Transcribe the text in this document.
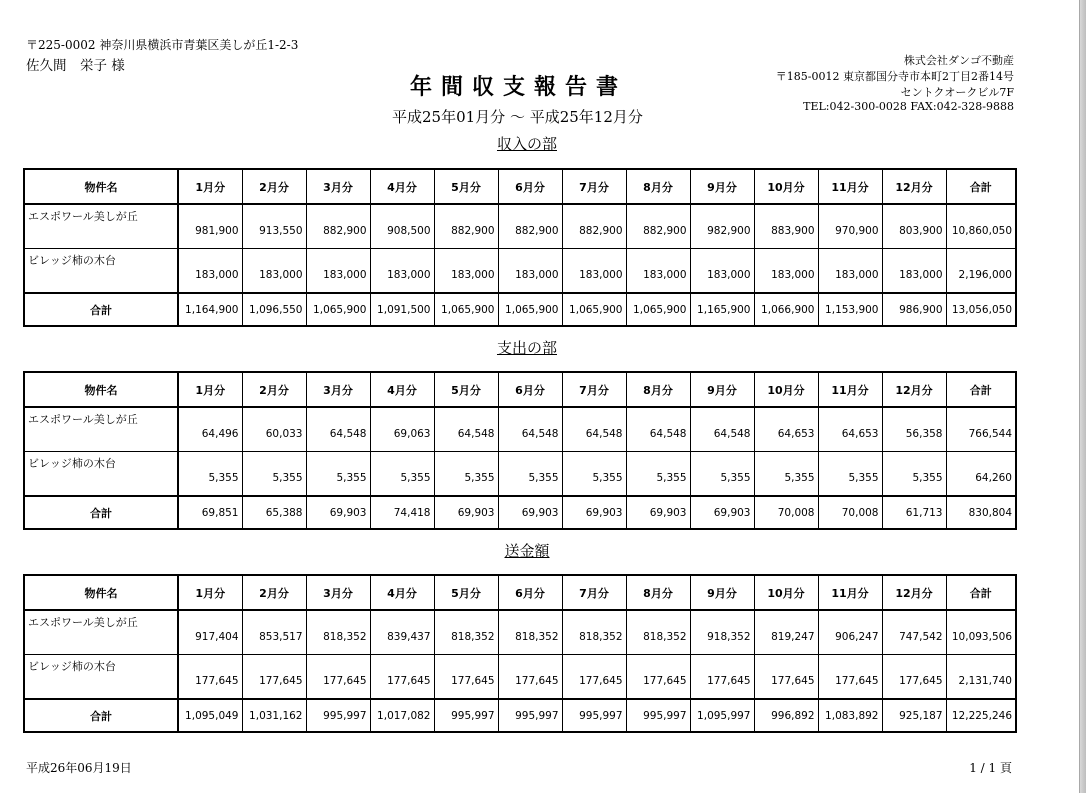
〒225-0002 神奈川県横浜市青葉区美しが丘1-2-3
佐久間　栄子 様	株式会社ダンゴ不動産
〒185-0012 東京都国分寺市本町2丁目2番14号
セントクオークビル7F
TEL:042-300-0028 FAX:042-328-9888
年間収支報告書
平成25年01月分 〜 平成25年12月分
収入の部
物件名	1月分	2月分	3月分	4月分	5月分	6月分	7月分	8月分	9月分	10月分	11月分	12月分	合計
エスポワール美しが丘	981,900	913,550	882,900	908,500	882,900	882,900	882,900	882,900	982,900	883,900	970,900	803,900	10,860,050
ビレッジ柿の木台	183,000	183,000	183,000	183,000	183,000	183,000	183,000	183,000	183,000	183,000	183,000	183,000	2,196,000
合計	1,164,900	1,096,550	1,065,900	1,091,500	1,065,900	1,065,900	1,065,900	1,065,900	1,165,900	1,066,900	1,153,900	986,900	13,056,050
支出の部
物件名	1月分	2月分	3月分	4月分	5月分	6月分	7月分	8月分	9月分	10月分	11月分	12月分	合計
エスポワール美しが丘	64,496	60,033	64,548	69,063	64,548	64,548	64,548	64,548	64,548	64,653	64,653	56,358	766,544
ビレッジ柿の木台	5,355	5,355	5,355	5,355	5,355	5,355	5,355	5,355	5,355	5,355	5,355	5,355	64,260
合計	69,851	65,388	69,903	74,418	69,903	69,903	69,903	69,903	69,903	70,008	70,008	61,713	830,804
送金額
物件名	1月分	2月分	3月分	4月分	5月分	6月分	7月分	8月分	9月分	10月分	11月分	12月分	合計
エスポワール美しが丘	917,404	853,517	818,352	839,437	818,352	818,352	818,352	818,352	918,352	819,247	906,247	747,542	10,093,506
ビレッジ柿の木台	177,645	177,645	177,645	177,645	177,645	177,645	177,645	177,645	177,645	177,645	177,645	177,645	2,131,740
合計	1,095,049	1,031,162	995,997	1,017,082	995,997	995,997	995,997	995,997	1,095,997	996,892	1,083,892	925,187	12,225,246
平成26年06月19日	1 / 1 頁
